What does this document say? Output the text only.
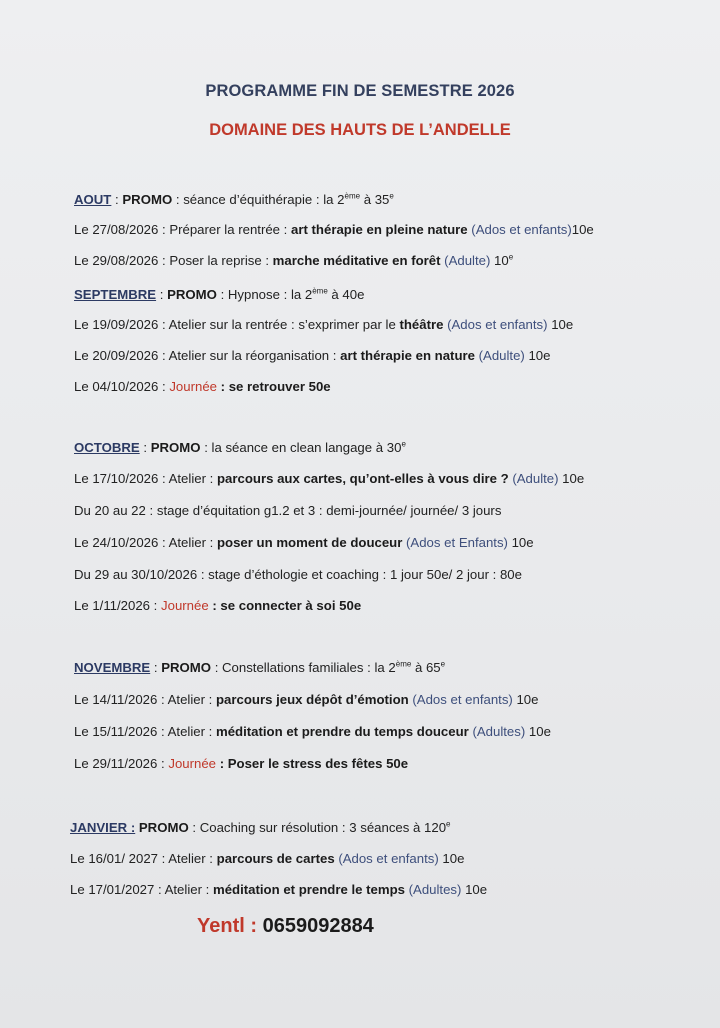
PROGRAMME FIN DE SEMESTRE 2026
DOMAINE DES HAUTS DE L’ANDELLE
AOUT : PROMO : séance d’équithérapie : la 2ème à 35e
Le 27/08/2026 : Préparer la rentrée : art thérapie en pleine nature (Ados et enfants)10e
Le 29/08/2026 : Poser la reprise : marche méditative en forêt (Adulte) 10e
SEPTEMBRE : PROMO : Hypnose : la 2ème à 40e
Le 19/09/2026 : Atelier sur la rentrée : s’exprimer par le théâtre (Ados et enfants) 10e
Le 20/09/2026 : Atelier sur la réorganisation : art thérapie en nature (Adulte) 10e
Le 04/10/2026 : Journée : se retrouver 50e
OCTOBRE : PROMO : la séance en clean langage à 30e
Le 17/10/2026 : Atelier : parcours aux cartes, qu’ont-elles à vous dire ? (Adulte) 10e
Du 20 au 22 : stage d’équitation g1.2 et 3 : demi-journée/ journée/ 3 jours
Le 24/10/2026 : Atelier : poser un moment de douceur (Ados et Enfants) 10e
Du 29 au 30/10/2026 : stage d’éthologie et coaching : 1 jour 50e/ 2 jour : 80e
Le 1/11/2026 : Journée : se connecter à soi 50e
NOVEMBRE : PROMO : Constellations familiales : la 2ème à 65e
Le 14/11/2026 : Atelier : parcours jeux dépôt d’émotion (Ados et enfants) 10e
Le 15/11/2026 : Atelier : méditation et prendre du temps douceur (Adultes) 10e
Le 29/11/2026 : Journée : Poser le stress des fêtes 50e
JANVIER : PROMO : Coaching sur résolution : 3 séances à 120e
Le 16/01/ 2027 : Atelier : parcours de cartes (Ados et enfants) 10e
Le 17/01/2027 : Atelier : méditation et prendre le temps (Adultes) 10e
Yentl : 0659092884
